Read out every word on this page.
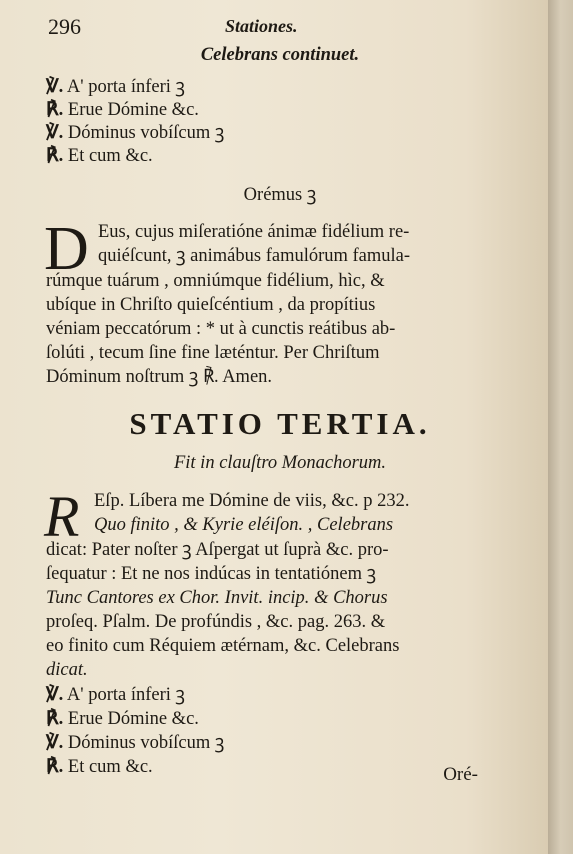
296	Stationes.
Celebrans continuet.
℣. A' porta ínferi ꝫ
℟. Erue Dómine &c.
℣. Dóminus vobíſcum ꝫ
℟. Et cum &c.
Orémus ꝫ
D Eus, cujus miſeratióne ánimæ fidélium re-
quiéſcunt, ꝫ animábus famulórum famula-
rúmque tuárum , omniúmque fidélium, hìc, &
ubíque in Chriſto quieſcéntium , da propítius
véniam peccatórum : * ut à cunctis reátibus ab-
ſolúti , tecum ſine fine læténtur. Per Chriſtum
Dóminum noſtrum ꝫ ℟. Amen.
STATIO TERTIA.
Fit in clauſtro Monachorum.
R Eſp. Líbera me Dómine de viis, &c. p 232.
Quo finito , & Kyrie eléiſon. , Celebrans
dicat: Pater noſter ꝫ Aſpergat ut ſuprà &c. pro-
ſequatur : Et ne nos indúcas in tentatiónem ꝫ
Tunc Cantores ex Chor. Invit. incip. & Chorus
proſeq. Pſalm. De profúndis , &c. pag. 263. &
eo finito cum Réquiem ætérnam, &c. Celebrans
dicat.
℣. A' porta ínferi ꝫ
℟. Erue Dómine &c.
℣. Dóminus vobíſcum ꝫ
℟. Et cum &c.	Oré-
